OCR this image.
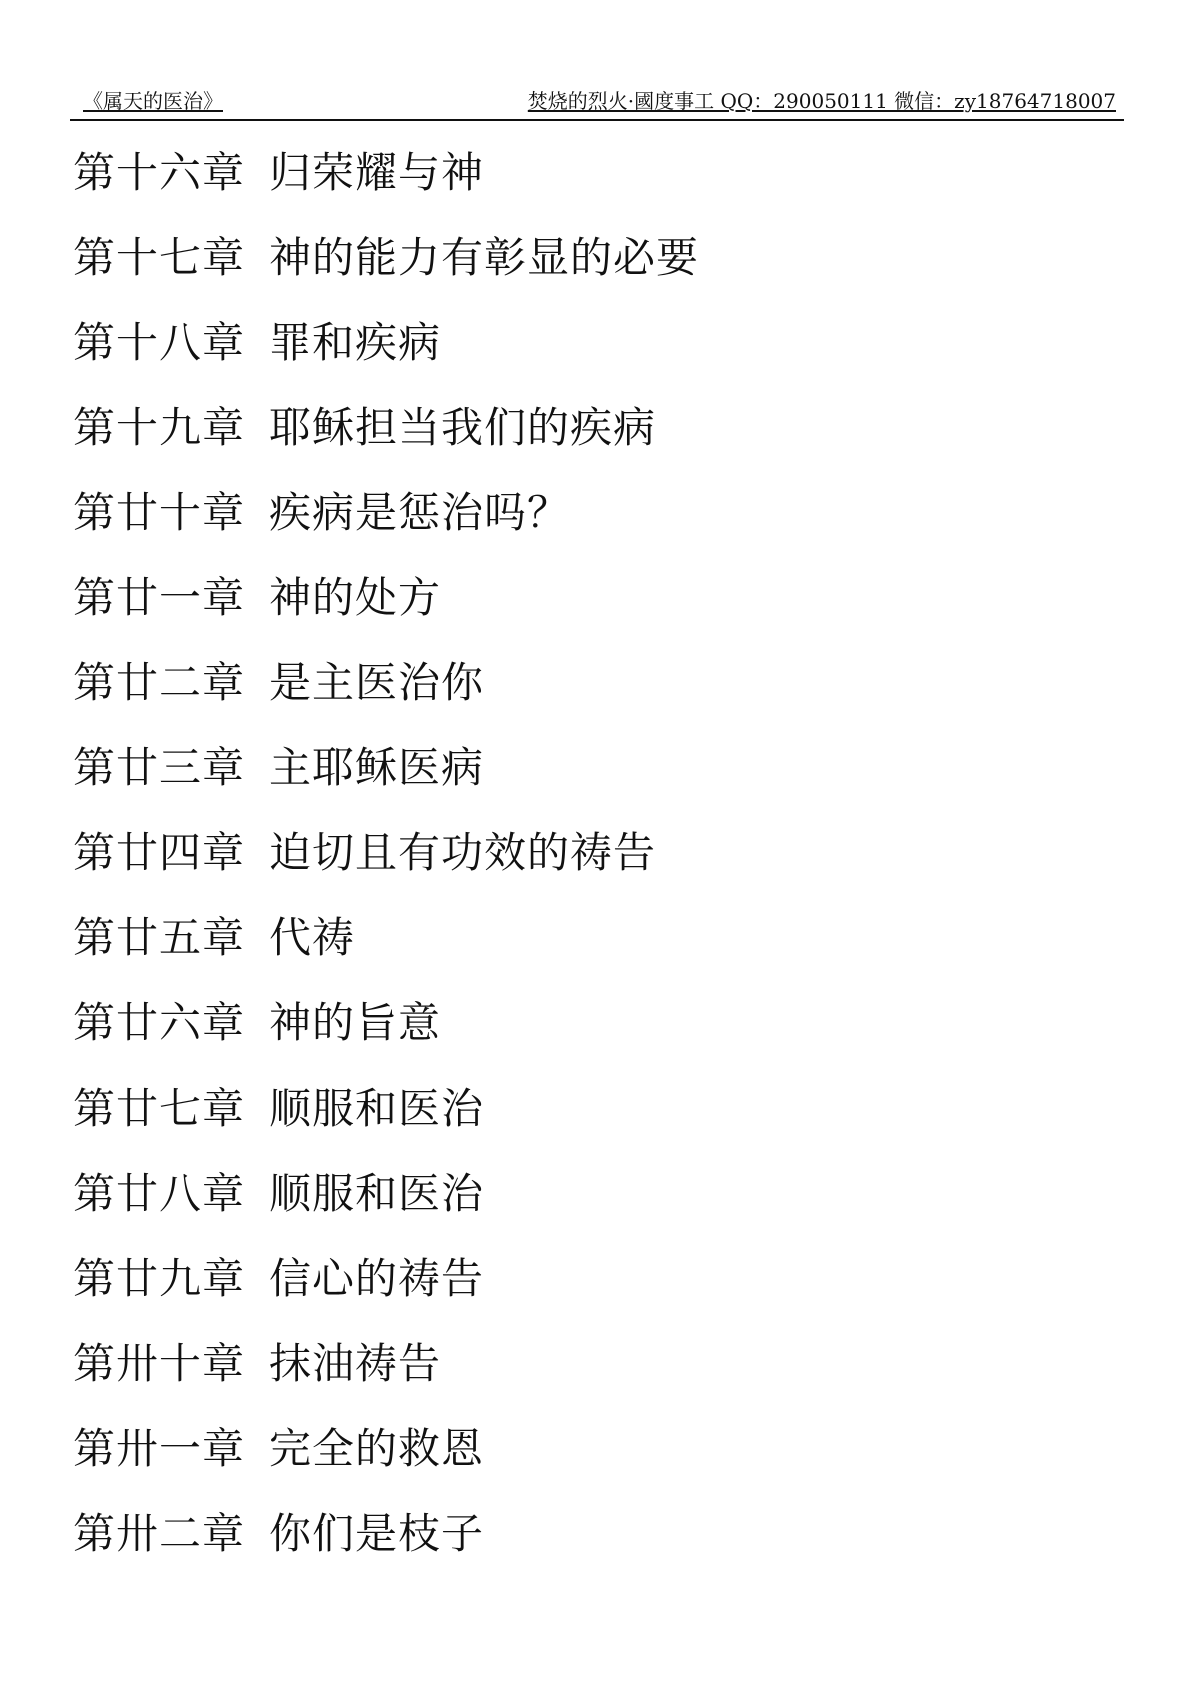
《属天的医治》	焚烧的烈火·國度事工 QQ：290050111 微信：zy18764718007
第十六章 归荣耀与神
第十七章 神的能力有彰显的必要
第十八章 罪和疾病
第十九章 耶稣担当我们的疾病
第廿十章 疾病是惩治吗？
第廿一章 神的处方
第廿二章 是主医治你
第廿三章 主耶稣医病
第廿四章 迫切且有功效的祷告
第廿五章 代祷
第廿六章 神的旨意
第廿七章 顺服和医治
第廿八章 顺服和医治
第廿九章 信心的祷告
第卅十章 抹油祷告
第卅一章 完全的救恩
第卅二章 你们是枝子
